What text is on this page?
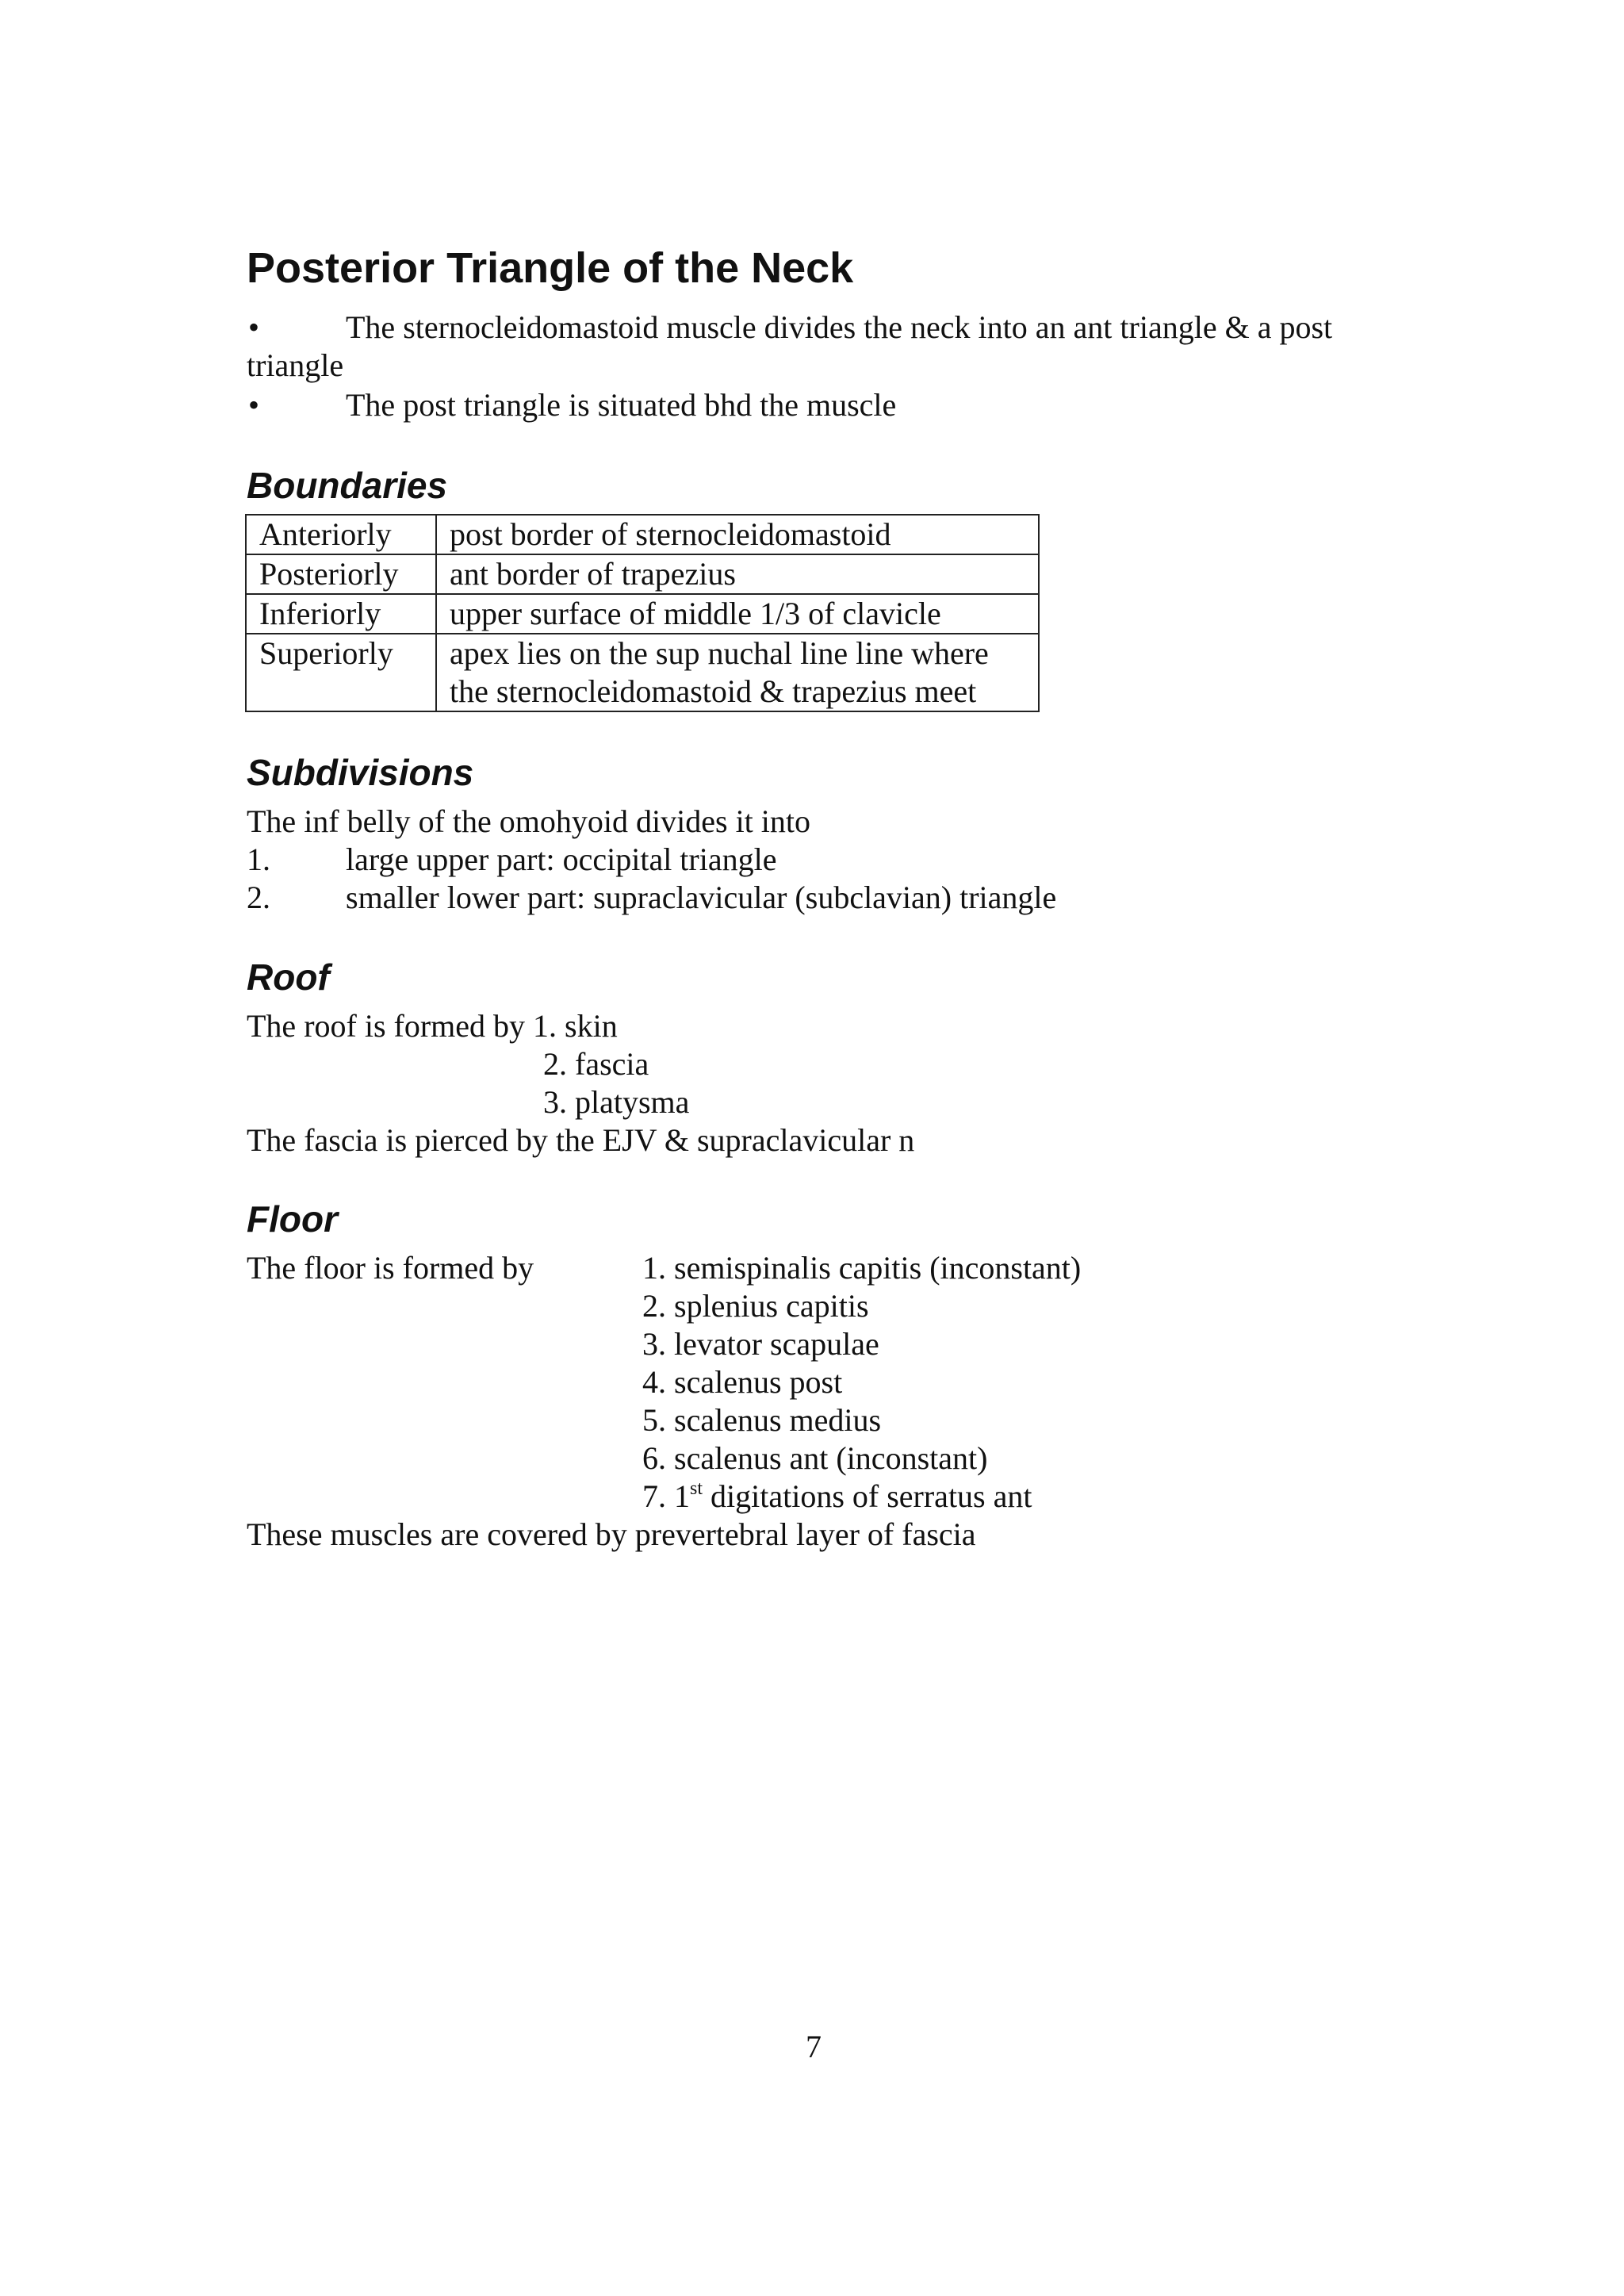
Posterior Triangle of the Neck
•	The sternocleidomastoid muscle divides the neck into an ant triangle & a post

triangle

•	The post triangle is situated bhd the muscle

Boundaries
Anteriorly	post border of sternocleidomastoid
Posteriorly	ant border of trapezius
Inferiorly	upper surface of middle 1/3 of clavicle
Superiorly	apex lies on the sup nuchal line line where
the sternocleidomastoid & trapezius meet
Subdivisions

The inf belly of the omohyoid divides it into

1. large upper part: occipital triangle

2. smaller lower part: supraclavicular (subclavian) triangle

Roof

The roof is formed by 1. skin

2. fascia

3. platysma

The fascia is pierced by the EJV & supraclavicular n

Floor

The floor is formed by	1. semispinalis capitis (inconstant)

2. splenius capitis

3. levator scapulae

4. scalenus post

5. scalenus medius

6. scalenus ant (inconstant)

7. 1st digitations of serratus ant

These muscles are covered by prevertebral layer of fascia

7
